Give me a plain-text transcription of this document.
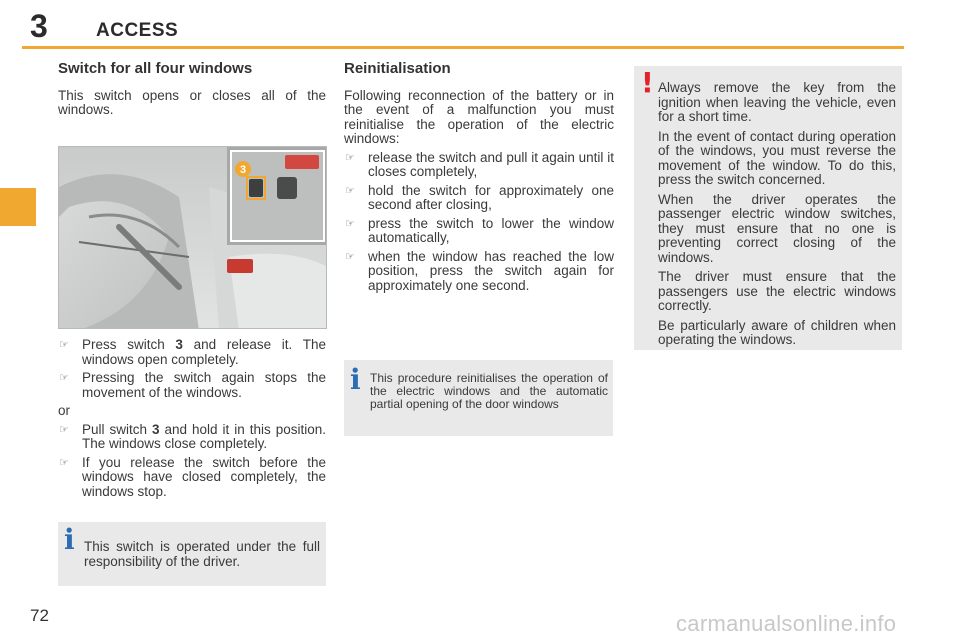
3	ACCESS
Switch for all four windows

This switch opens or closes all of the windows.

3
☞ Press switch 3 and release it. The windows open completely.
☞ Pressing the switch again stops the movement of the windows.
or
☞ Pull switch 3 and hold it in this position. The windows close completely.
☞ If you release the switch before the windows have closed completely, the windows stop.
i This switch is operated under the full responsibility of the driver.
Reinitialisation

Following reconnection of the battery or in the event of a malfunction you must reinitialise the operation of the electric windows:

☞ release the switch and pull it again until it closes completely,
☞ hold the switch for approximately one second after closing,
☞ press the switch to lower the window automatically,
☞ when the window has reached the low position, press the switch again for approximately one second.
i This procedure reinitialises the operation of the electric windows and the automatic partial opening of the door windows
! Always remove the key from the ignition when leaving the vehicle, even for a short time.

In the event of contact during operation of the windows, you must reverse the movement of the window. To do this, press the switch concerned.

When the driver operates the passenger electric window switches, they must ensure that no one is preventing correct closing of the windows.

The driver must ensure that the passengers use the electric windows correctly.

Be particularly aware of children when operating the windows.

72	carmanualsonline.info
